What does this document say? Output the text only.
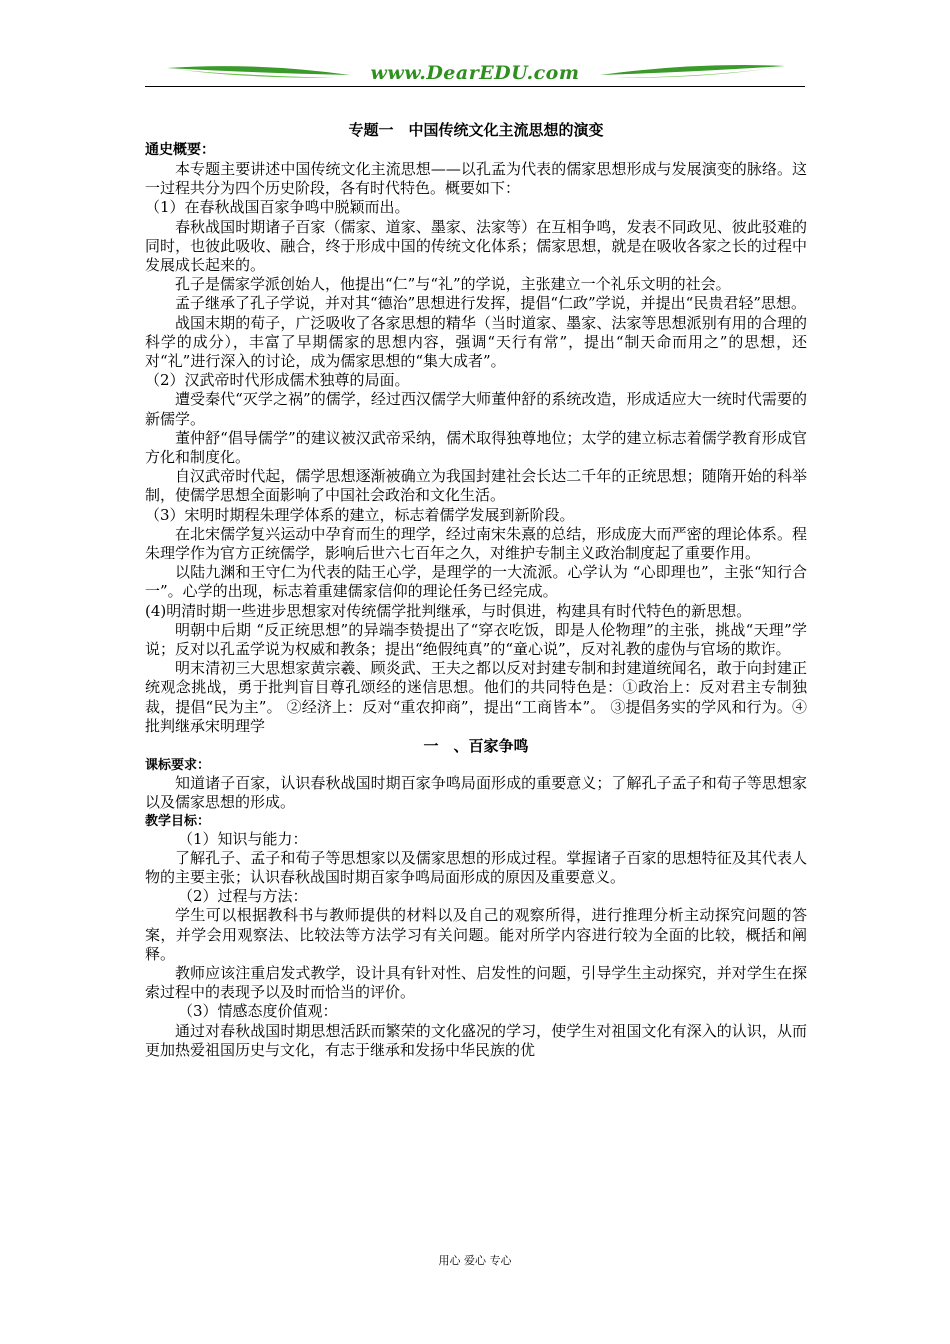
www.DearEDU.com
专题一　中国传统文化主流思想的演变
通史概要：

本专题主要讲述中国传统文化主流思想——以孔孟为代表的儒家思想形成与发展演变的脉络。这一过程共分为四个历史阶段，各有时代特色。概要如下：

（1）在春秋战国百家争鸣中脱颖而出。

春秋战国时期诸子百家（儒家、道家、墨家、法家等）在互相争鸣，发表不同政见、彼此驳难的同时，也彼此吸收、融合，终于形成中国的传统文化体系；儒家思想，就是在吸收各家之长的过程中发展成长起来的。

孔子是儒家学派创始人，他提出“仁”与“礼”的学说，主张建立一个礼乐文明的社会。

孟子继承了孔子学说，并对其“德治”思想进行发挥，提倡“仁政”学说，并提出“民贵君轻”思想。

战国末期的荀子，广泛吸收了各家思想的精华（当时道家、墨家、法家等思想派别有用的合理的科学的成分），丰富了早期儒家的思想内容，强调“天行有常”，提出“制天命而用之”的思想，还对“礼”进行深入的讨论，成为儒家思想的“集大成者”。

（2）汉武帝时代形成儒术独尊的局面。

遭受秦代“灭学之祸”的儒学，经过西汉儒学大师董仲舒的系统改造，形成适应大一统时代需要的新儒学。

董仲舒“倡导儒学”的建议被汉武帝采纳，儒术取得独尊地位；太学的建立标志着儒学教育形成官方化和制度化。

自汉武帝时代起，儒学思想逐渐被确立为我国封建社会长达二千年的正统思想；随隋开始的科举制，使儒学思想全面影响了中国社会政治和文化生活。

（3）宋明时期程朱理学体系的建立，标志着儒学发展到新阶段。

在北宋儒学复兴运动中孕育而生的理学，经过南宋朱熹的总结，形成庞大而严密的理论体系。程朱理学作为官方正统儒学，影响后世六七百年之久，对维护专制主义政治制度起了重要作用。

以陆九渊和王守仁为代表的陆王心学，是理学的一大流派。心学认为 “心即理也”，主张“知行合一”。心学的出现，标志着重建儒家信仰的理论任务已经完成。

(4)明清时期一些进步思想家对传统儒学批判继承，与时俱进，构建具有时代特色的新思想。

明朝中后期 “反正统思想”的异端李贽提出了“穿衣吃饭，即是人伦物理”的主张，挑战“天理”学说；反对以孔孟学说为权威和教条；提出“绝假纯真”的“童心说”，反对礼教的虚伪与官场的欺诈。

明末清初三大思想家黄宗羲、顾炎武、王夫之都以反对封建专制和封建道统闻名，敢于向封建正统观念挑战，勇于批判盲目尊孔颂经的迷信思想。他们的共同特色是：①政治上：反对君主专制独裁，提倡“民为主”。 ②经济上：反对“重农抑商”，提出“工商皆本”。 ③提倡务实的学风和行为。④批判继承宋明理学

一　、百家争鸣
课标要求：

知道诸子百家，认识春秋战国时期百家争鸣局面形成的重要意义；了解孔子孟子和荀子等思想家以及儒家思想的形成。

教学目标：

（1）知识与能力：

了解孔子、孟子和荀子等思想家以及儒家思想的形成过程。掌握诸子百家的思想特征及其代表人物的主要主张；认识春秋战国时期百家争鸣局面形成的原因及重要意义。

（2）过程与方法：

学生可以根据教科书与教师提供的材料以及自己的观察所得，进行推理分析主动探究问题的答案，并学会用观察法、比较法等方法学习有关问题。能对所学内容进行较为全面的比较，概括和阐释。

教师应该注重启发式教学，设计具有针对性、启发性的问题，引导学生主动探究，并对学生在探索过程中的表现予以及时而恰当的评价。

（3）情感态度价值观：

通过对春秋战国时期思想活跃而繁荣的文化盛况的学习，使学生对祖国文化有深入的认识，从而更加热爱祖国历史与文化，有志于继承和发扬中华民族的优

用心 爱心 专心
